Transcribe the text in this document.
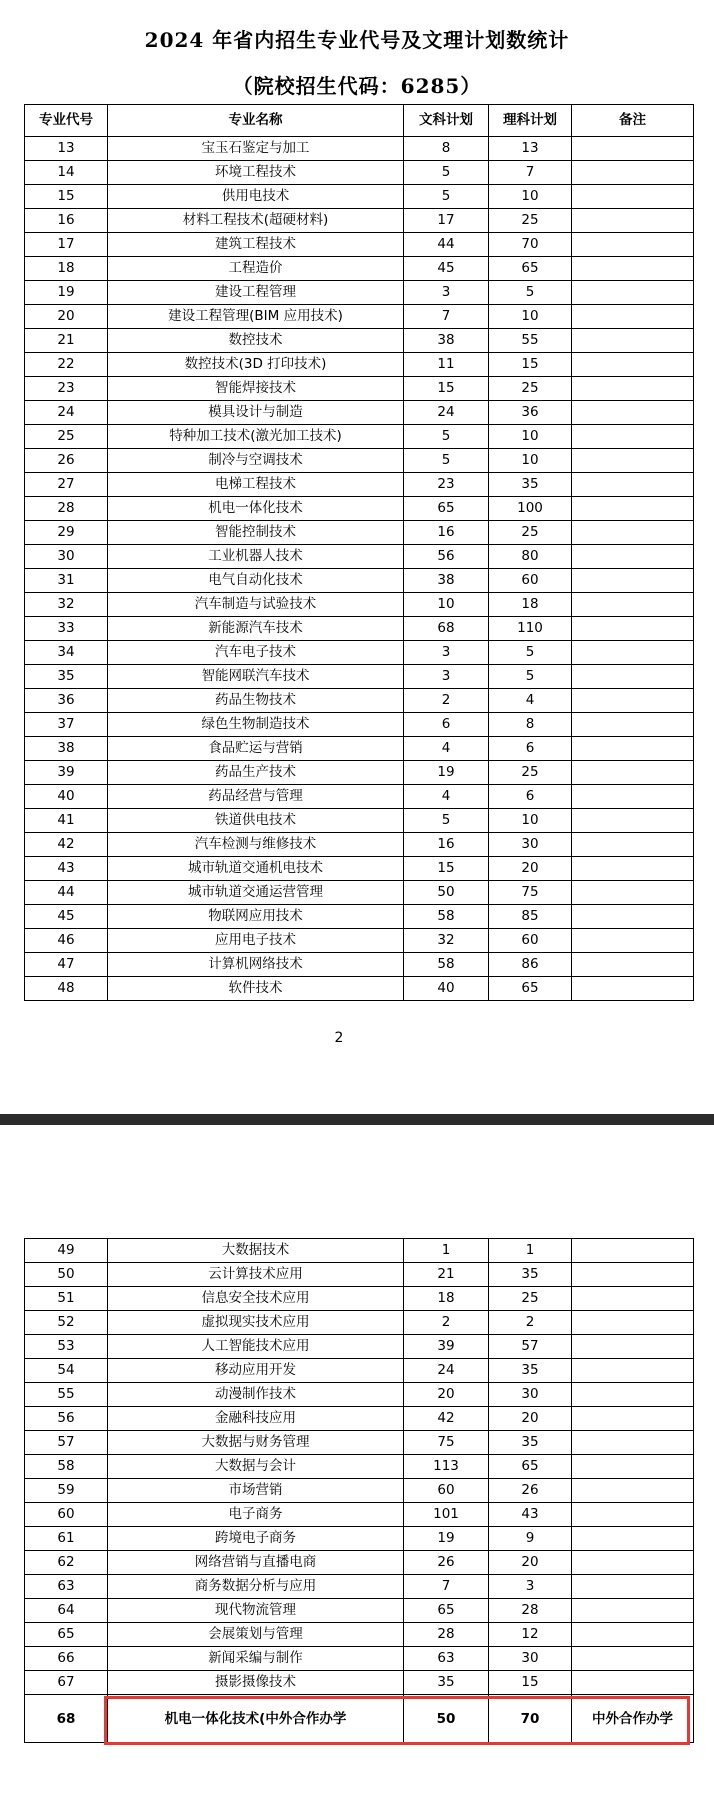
2024 年省内招生专业代号及文理计划数统计
（院校招生代码：6285）
专业代号	专业名称	文科计划	理科计划	备注
13	宝玉石鉴定与加工	8	13	
14	环境工程技术	5	7	
15	供用电技术	5	10	
16	材料工程技术(超硬材料)	17	25	
17	建筑工程技术	44	70	
18	工程造价	45	65	
19	建设工程管理	3	5	
20	建设工程管理(BIM 应用技术)	7	10	
21	数控技术	38	55	
22	数控技术(3D 打印技术)	11	15	
23	智能焊接技术	15	25	
24	模具设计与制造	24	36	
25	特种加工技术(激光加工技术)	5	10	
26	制冷与空调技术	5	10	
27	电梯工程技术	23	35	
28	机电一体化技术	65	100	
29	智能控制技术	16	25	
30	工业机器人技术	56	80	
31	电气自动化技术	38	60	
32	汽车制造与试验技术	10	18	
33	新能源汽车技术	68	110	
34	汽车电子技术	3	5	
35	智能网联汽车技术	3	5	
36	药品生物技术	2	4	
37	绿色生物制造技术	6	8	
38	食品贮运与营销	4	6	
39	药品生产技术	19	25	
40	药品经营与管理	4	6	
41	铁道供电技术	5	10	
42	汽车检测与维修技术	16	30	
43	城市轨道交通机电技术	15	20	
44	城市轨道交通运营管理	50	75	
45	物联网应用技术	58	85	
46	应用电子技术	32	60	
47	计算机网络技术	58	86	
48	软件技术	40	65	
2
49	大数据技术	1	1	
50	云计算技术应用	21	35	
51	信息安全技术应用	18	25	
52	虚拟现实技术应用	2	2	
53	人工智能技术应用	39	57	
54	移动应用开发	24	35	
55	动漫制作技术	20	30	
56	金融科技应用	42	20	
57	大数据与财务管理	75	35	
58	大数据与会计	113	65	
59	市场营销	60	26	
60	电子商务	101	43	
61	跨境电子商务	19	9	
62	网络营销与直播电商	26	20	
63	商务数据分析与应用	7	3	
64	现代物流管理	65	28	
65	会展策划与管理	28	12	
66	新闻采编与制作	63	30	
67	摄影摄像技术	35	15	
68	机电一体化技术(中外合作办学	50	70	中外合作办学
